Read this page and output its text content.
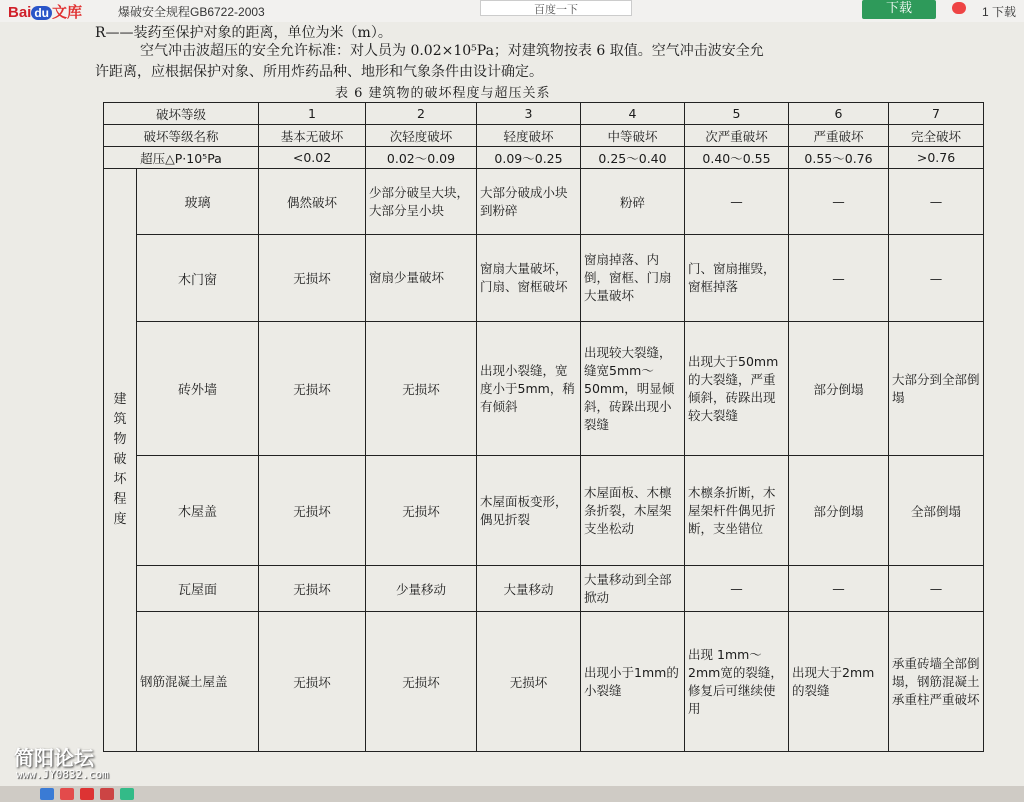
Bai du 文库	爆破安全规程GB6722-2003	百度一下	下载	1 下载
R——装药至保护对象的距离，单位为米（m）。
空气冲击波超压的安全允许标准：对人员为 0.02×10⁵Pa；对建筑物按表 6 取值。空气冲击波安全允
许距离，应根据保护对象、所用炸药品种、地形和气象条件由设计确定。
表 6 建筑物的破坏程度与超压关系
破坏等级		1	2	3	4	5	6	7
破坏等级名称		基本无破坏	次轻度破坏	轻度破坏	中等破坏	次严重破坏	严重破坏	完全破坏
超压△P·10⁵Pa		<0.02	0.02～0.09	0.09～0.25	0.25～0.40	0.40～0.55	0.55～0.76	>0.76

建筑物破坏程度	玻璃	偶然破坏	少部分破呈大块，大部分呈小块	大部分破成小块到粉碎	粉碎	—	—	—
	木门窗	无损坏	窗扇少量破坏	窗扇大量破坏，门扇、窗框破坏	窗扇掉落、内倒，窗框、门扇大量破坏	门、窗扇摧毁，窗框掉落	—	—
	砖外墙	无损坏	无损坏	出现小裂缝，宽度小于5mm，稍有倾斜	出现较大裂缝，缝宽5mm～50mm，明显倾斜，砖跺出现小裂缝	出现大于50mm的大裂缝，严重倾斜，砖跺出现较大裂缝	部分倒塌	大部分到全部倒塌
	木屋盖	无损坏	无损坏	木屋面板变形，偶见折裂	木屋面板、木檩条折裂，木屋架支坐松动	木檩条折断，木屋架杆件偶见折断，支坐错位	部分倒塌	全部倒塌
	瓦屋面	无损坏	少量移动	大量移动	大量移动到全部掀动	—	—	—
	钢筋混凝土屋盖	无损坏	无损坏	无损坏	出现小于1mm的小裂缝	出现 1mm～2mm宽的裂缝，修复后可继续使用	出现大于2mm的裂缝	承重砖墙全部倒塌，钢筋混凝土承重柱严重破坏
简阳论坛
www.JY0832.com
